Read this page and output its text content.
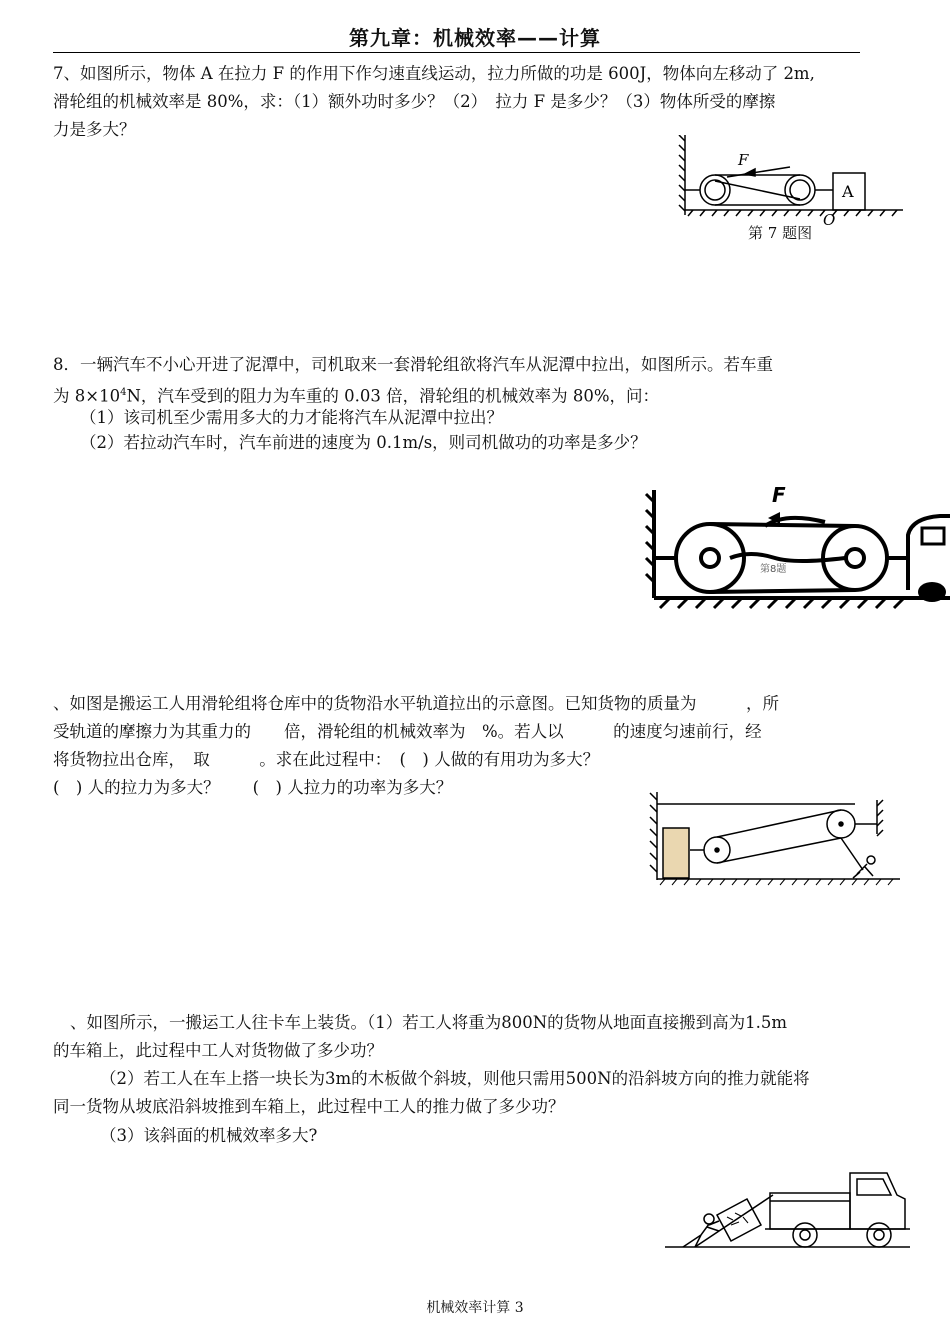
第九章：机械效率——计算
7、如图所示，物体 A 在拉力 F 的作用下作匀速直线运动，拉力所做的功是 600J，物体向左移动了 2m,
滑轮组的机械效率是 80%，求：（1）额外功时多少？（2）　拉力 F 是多少？（3）物体所受的摩擦
力是多大？
F
A
O
第 7 题图
8．一辆汽车不小心开进了泥潭中，司机取来一套滑轮组欲将汽车从泥潭中拉出，如图所示。若车重
为 $8\times 10^4N$，汽车受到的阻力为车重的 0.03 倍，滑轮组的机械效率为 80%，问：
（1）该司机至少需用多大的力才能将汽车从泥潭中拉出？
（2）若拉动汽车时，汽车前进的速度为 0.1m/s，则司机做功的功率是多少？
F
第8题
、如图是搬运工人用滑轮组将仓库中的货物沿水平轨道拉出的示意图。已知货物的质量为　　　，所
受轨道的摩擦力为其重力的　　倍，滑轮组的机械效率为　%。若人以　　　的速度匀速前行，经
将货物拉出仓库，　取　　　。求在此过程中：　(　) 人做的有用功为多大？
(　) 人的拉力为多大？　　(　) 人拉力的功率为多大？
、如图所示，一搬运工人往卡车上装货。（1）若工人将重为800N的货物从地面直接搬到高为1.5m
的车箱上，此过程中工人对货物做了多少功？
（2）若工人在车上搭一块长为3m的木板做个斜坡，则他只需用500N的沿斜坡方向的推力就能将
同一货物从坡底沿斜坡推到车箱上，此过程中工人的推力做了多少功？
（3）该斜面的机械效率多大?
机械效率计算 3
